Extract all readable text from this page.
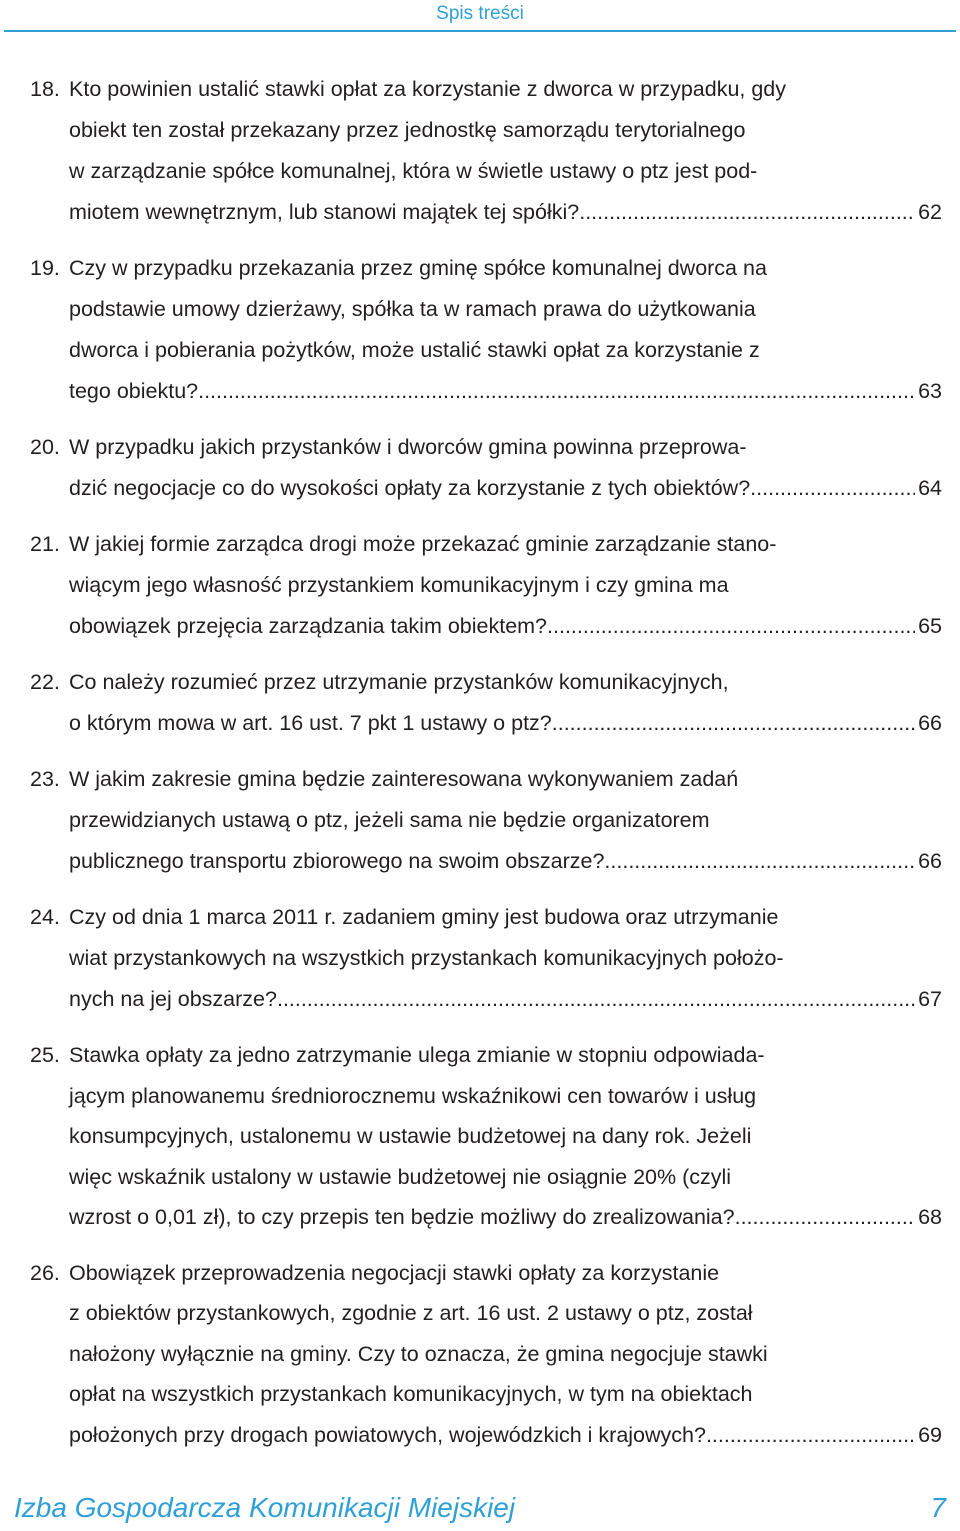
Spis treści
18. Kto powinien ustalić stawki opłat za korzystanie z dworca w przypadku, gdy
obiekt ten został przekazany przez jednostkę samorządu terytorialnego
w zarządzanie spółce komunalnej, która w świetle ustawy o ptz jest pod-
miotem wewnętrznym, lub stanowi majątek tej spółki? .....	62
19. Czy w przypadku przekazania przez gminę spółce komunalnej dworca na
podstawie umowy dzierżawy, spółka ta w ramach prawa do użytkowania
dworca i pobierania pożytków, może ustalić stawki opłat za korzystanie z
tego obiektu? .....	63
20. W przypadku jakich przystanków i dworców gmina powinna przeprowa-
dzić negocjacje co do wysokości opłaty za korzystanie z tych obiektów? .....	64
21. W jakiej formie zarządca drogi może przekazać gminie zarządzanie stano-
wiącym jego własność przystankiem komunikacyjnym i czy gmina ma
obowiązek przejęcia zarządzania takim obiektem? .....	65
22. Co należy rozumieć przez utrzymanie przystanków komunikacyjnych,
o którym mowa w art. 16 ust. 7 pkt 1 ustawy o ptz? .....	66
23. W jakim zakresie gmina będzie zainteresowana wykonywaniem zadań
przewidzianych ustawą o ptz, jeżeli sama nie będzie organizatorem
publicznego transportu zbiorowego na swoim obszarze? .....	66
24. Czy od dnia 1 marca 2011 r. zadaniem gminy jest budowa oraz utrzymanie
wiat przystankowych na wszystkich przystankach komunikacyjnych położo-
nych na jej obszarze? .....	67
25. Stawka opłaty za jedno zatrzymanie ulega zmianie w stopniu odpowiada-
jącym planowanemu średniorocznemu wskaźnikowi cen towarów i usług
konsumpcyjnych, ustalonemu w ustawie budżetowej na dany rok. Jeżeli
więc wskaźnik ustalony w ustawie budżetowej nie osiągnie 20% (czyli
wzrost o 0,01 zł), to czy przepis ten będzie możliwy do zrealizowania? .....	68
26. Obowiązek przeprowadzenia negocjacji stawki opłaty za korzystanie
z obiektów przystankowych, zgodnie z art. 16 ust. 2 ustawy o ptz, został
nałożony wyłącznie na gminy. Czy to oznacza, że gmina negocjuje stawki
opłat na wszystkich przystankach komunikacyjnych, w tym na obiektach
położonych przy drogach powiatowych, wojewódzkich i krajowych? .....	69
Izba Gospodarcza Komunikacji Miejskiej	7
